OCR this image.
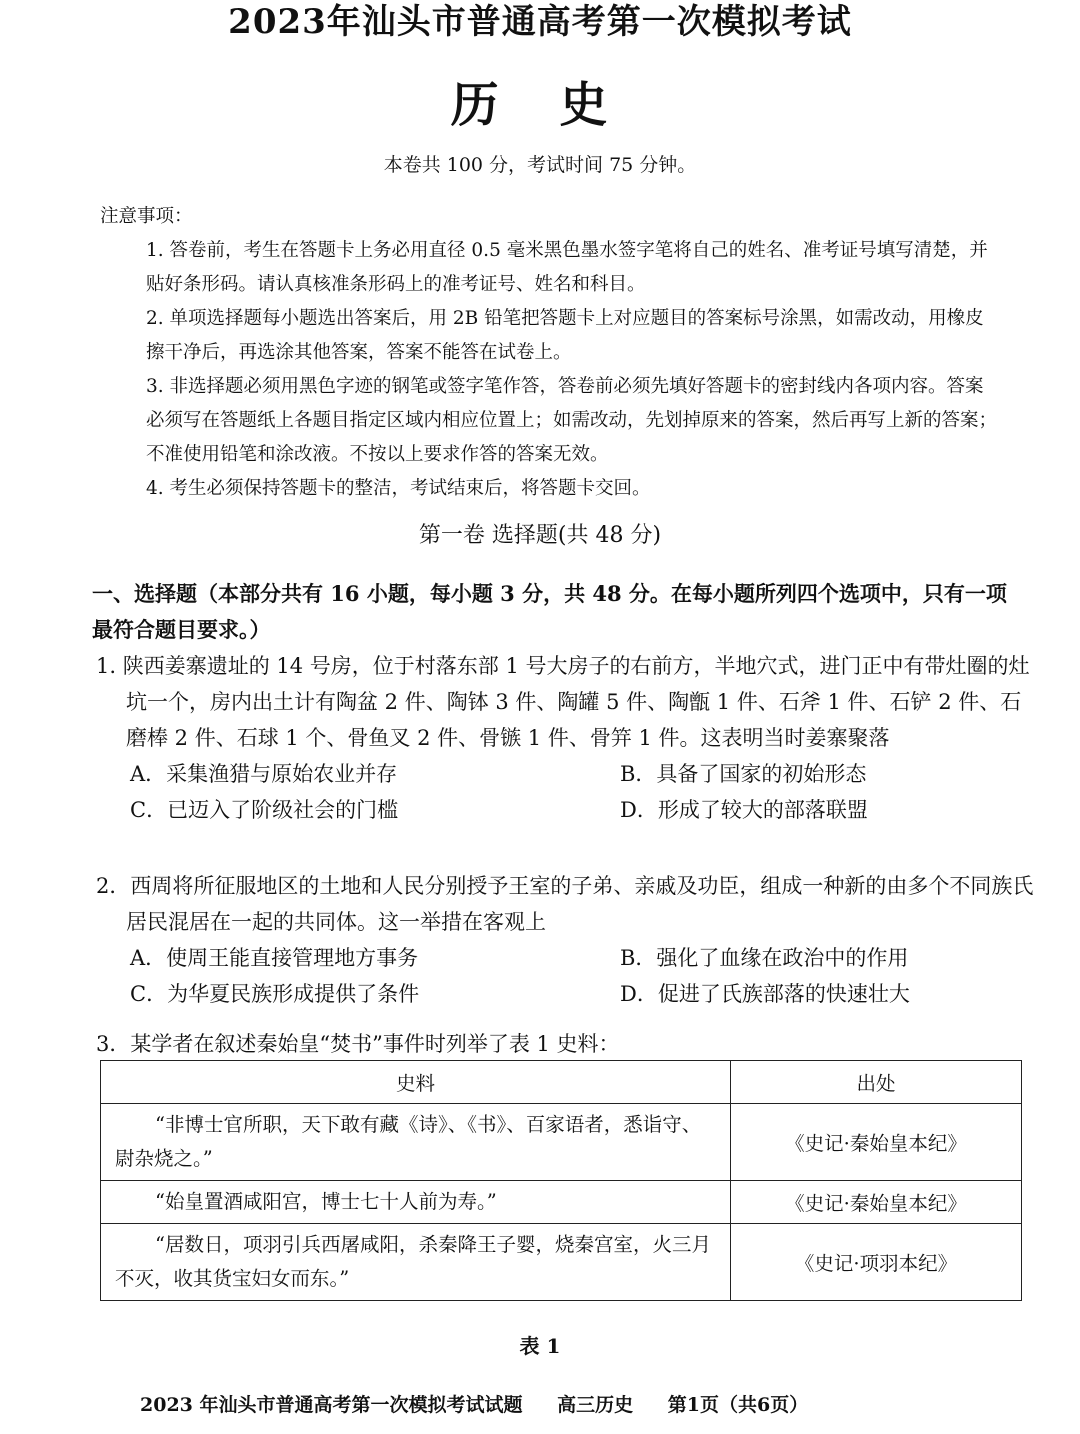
2023年汕头市普通高考第一次模拟考试
历 史
本卷共 100 分，考试时间 75 分钟。

注意事项：

1. 答卷前，考生在答题卡上务必用直径 0.5 毫米黑色墨水签字笔将自己的姓名、准考证号填写清楚，并贴好条形码。请认真核准条形码上的准考证号、姓名和科目。

2. 单项选择题每小题选出答案后，用 2B 铅笔把答题卡上对应题目的答案标号涂黑，如需改动，用橡皮擦干净后，再选涂其他答案，答案不能答在试卷上。

3. 非选择题必须用黑色字迹的钢笔或签字笔作答，答卷前必须先填好答题卡的密封线内各项内容。答案必须写在答题纸上各题目指定区域内相应位置上；如需改动，先划掉原来的答案，然后再写上新的答案；不准使用铅笔和涂改液。不按以上要求作答的答案无效。

4. 考生必须保持答题卡的整洁，考试结束后，将答题卡交回。

第一卷 选择题(共 48 分)
一、选择题（本部分共有 16 小题，每小题 3 分，共 48 分。在每小题所列四个选项中，只有一项最符合题目要求。）
1. 陕西姜寨遗址的 14 号房，位于村落东部 1 号大房子的右前方，半地穴式，进门正中有带灶圈的灶坑一个，房内出土计有陶盆 2 件、陶钵 3 件、陶罐 5 件、陶甑 1 件、石斧 1 件、石铲 2 件、石磨棒 2 件、石球 1 个、骨鱼叉 2 件、骨镞 1 件、骨笄 1 件。这表明当时姜寨聚落
A．采集渔猎与原始农业并存	B．具备了国家的初始形态
C．已迈入了阶级社会的门槛	D．形成了较大的部落联盟
2．西周将所征服地区的土地和人民分别授予王室的子弟、亲戚及功臣，组成一种新的由多个不同族氏居民混居在一起的共同体。这一举措在客观上
A．使周王能直接管理地方事务	B．强化了血缘在政治中的作用
C．为华夏民族形成提供了条件	D．促进了氏族部落的快速壮大
3．某学者在叙述秦始皇“焚书”事件时列举了表 1 史料：
史料	出处
“非博士官所职，天下敢有藏《诗》、《书》、百家语者，悉诣守、尉杂烧之。”	《史记·秦始皇本纪》
“始皇置酒咸阳宫，博士七十人前为寿。”	《史记·秦始皇本纪》
“居数日，项羽引兵西屠咸阳，杀秦降王子婴，烧秦宫室，火三月不灭，收其货宝妇女而东。”	《史记·项羽本纪》
表 1
2023 年汕头市普通高考第一次模拟考试试题 高三历史 第1页（共6页）
